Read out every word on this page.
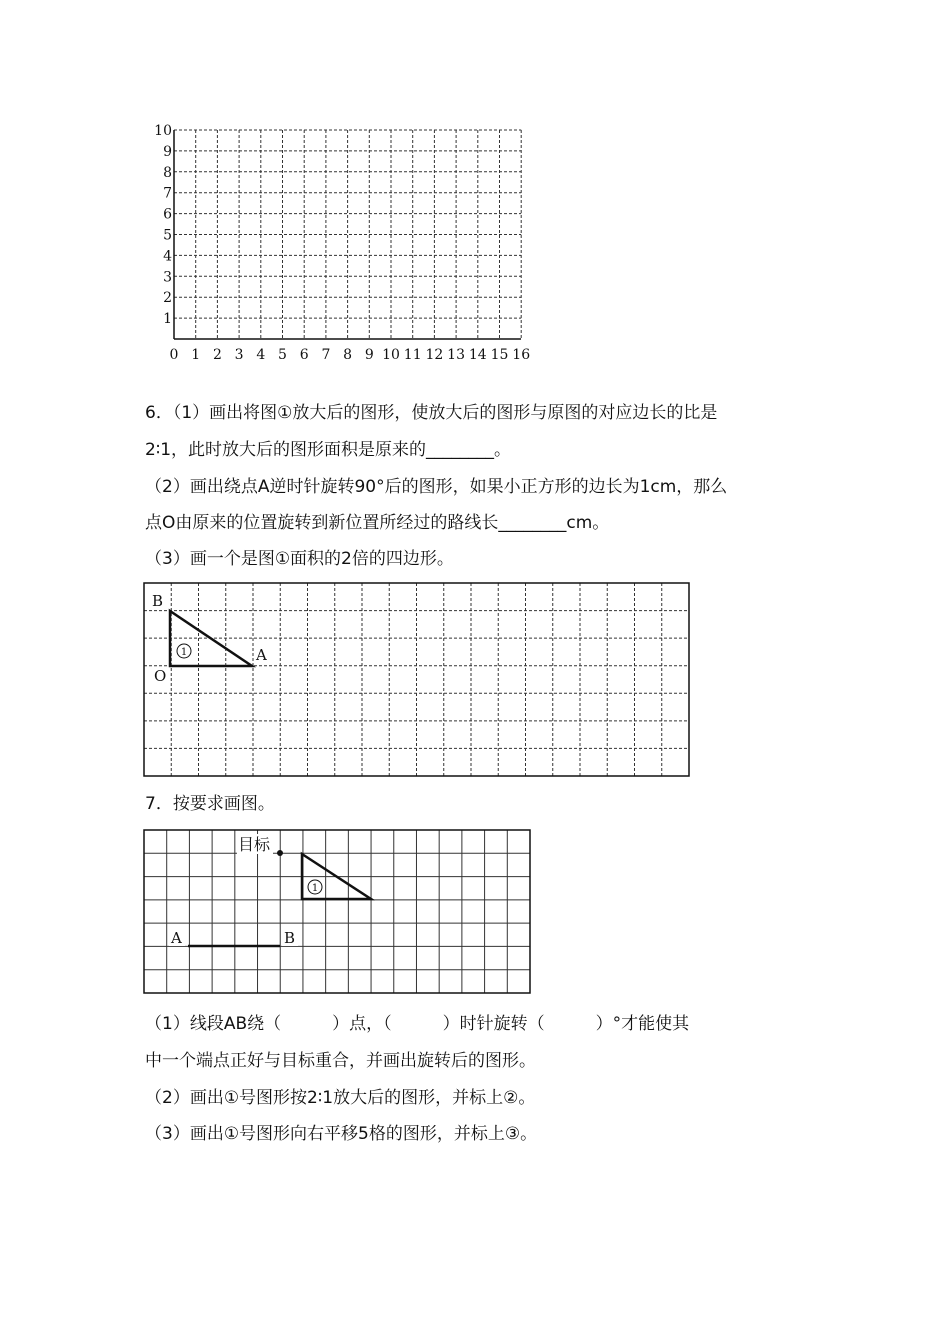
1
2
3
4
5
6
7
8
9
10
0 1 2 3 4 5 6 7 8 9 10 11 12 13 14 15 16
6．（1）画出将图①放大后的图形，使放大后的图形与原图的对应边长的比是
2∶1，此时放大后的图形面积是原来的________。
（2）画出绕点A逆时针旋转90°后的图形，如果小正方形的边长为1cm，那么
点O由原来的位置旋转到新位置所经过的路线长________cm。
（3）画一个是图①面积的2倍的四边形。
B
A
O
1
7．按要求画图。
目标
1
A	B
（1）线段AB绕（　　　）点，（　　　）时针旋转（　　　）°才能使其
中一个端点正好与目标重合，并画出旋转后的图形。
（2）画出①号图形按2∶1放大后的图形，并标上②。
（3）画出①号图形向右平移5格的图形，并标上③。
